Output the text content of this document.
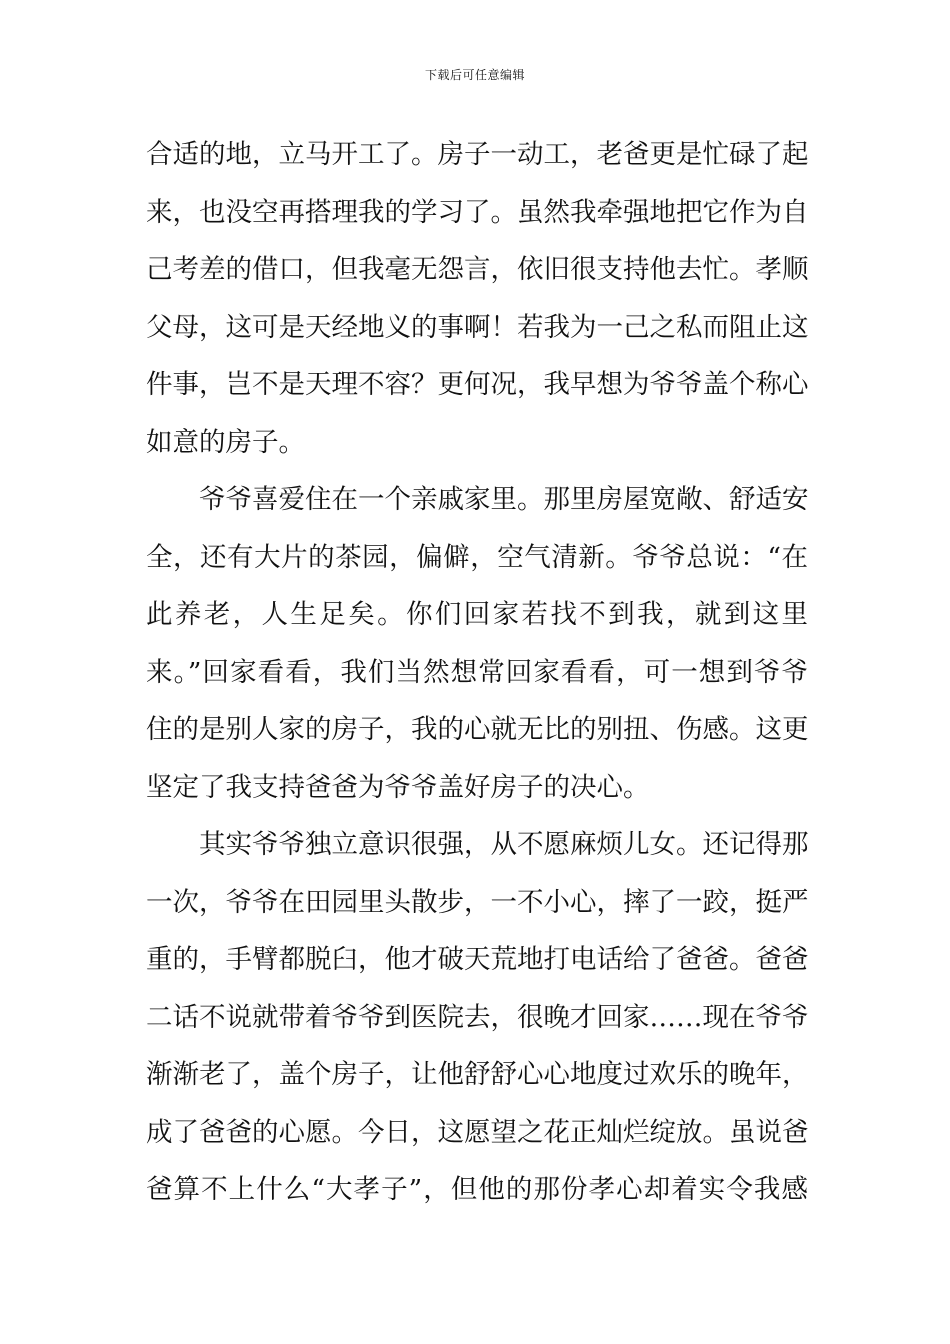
下载后可任意编辑
合适的地，立马开工了。房子一动工，老爸更是忙碌了起
来，也没空再搭理我的学习了。虽然我牵强地把它作为自
己考差的借口，但我毫无怨言，依旧很支持他去忙。孝顺
父母，这可是天经地义的事啊！若我为一己之私而阻止这
件事，岂不是天理不容？更何况，我早想为爷爷盖个称心
如意的房子。
　　爷爷喜爱住在一个亲戚家里。那里房屋宽敞、舒适安
全，还有大片的茶园，偏僻，空气清新。爷爷总说：“在
此养老，人生足矣。你们回家若找不到我，就到这里
来。”回家看看，我们当然想常回家看看，可一想到爷爷
住的是别人家的房子，我的心就无比的别扭、伤感。这更
坚定了我支持爸爸为爷爷盖好房子的决心。
　　其实爷爷独立意识很强，从不愿麻烦儿女。还记得那
一次，爷爷在田园里头散步，一不小心，摔了一跤，挺严
重的，手臂都脱臼，他才破天荒地打电话给了爸爸。爸爸
二话不说就带着爷爷到医院去，很晚才回家……现在爷爷
渐渐老了，盖个房子，让他舒舒心心地度过欢乐的晚年，
成了爸爸的心愿。今日，这愿望之花正灿烂绽放。虽说爸
爸算不上什么“大孝子”，但他的那份孝心却着实令我感
